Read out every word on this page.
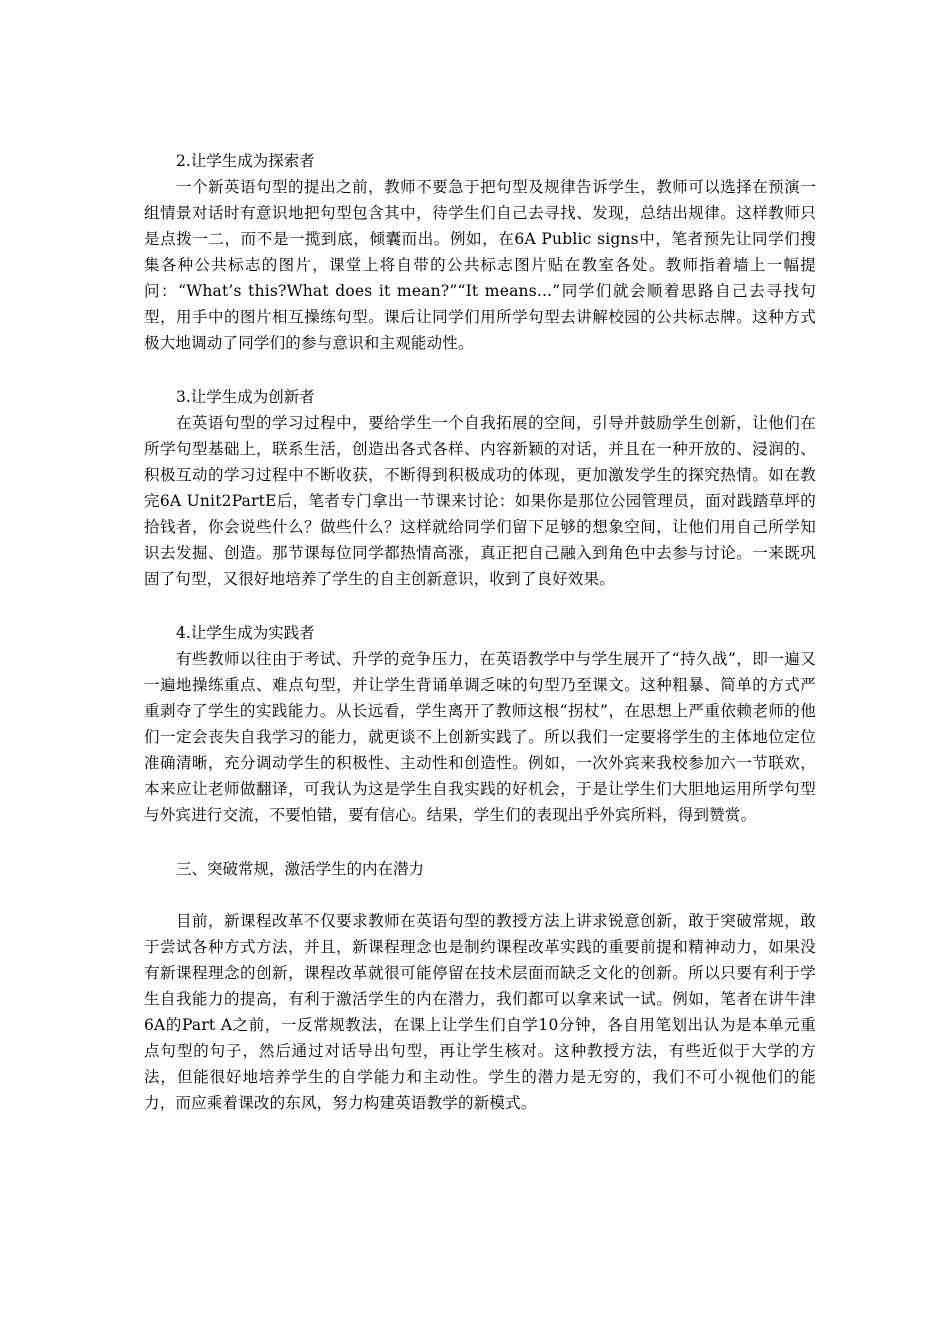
2.让学生成为探索者

一个新英语句型的提出之前，教师不要急于把句型及规律告诉学生，教师可以选择在预演一组情景对话时有意识地把句型包含其中，待学生们自己去寻找、发现，总结出规律。这样教师只是点拨一二，而不是一揽到底，倾囊而出。例如，在6A Public signs中，笔者预先让同学们搜集各种公共标志的图片，课堂上将自带的公共标志图片贴在教室各处。教师指着墙上一幅提问：“What’s this?What does it mean?”“It means...”同学们就会顺着思路自己去寻找句型，用手中的图片相互操练句型。课后让同学们用所学句型去讲解校园的公共标志牌。这种方式极大地调动了同学们的参与意识和主观能动性。

3.让学生成为创新者

在英语句型的学习过程中，要给学生一个自我拓展的空间，引导并鼓励学生创新，让他们在所学句型基础上，联系生活，创造出各式各样、内容新颖的对话，并且在一种开放的、浸润的、积极互动的学习过程中不断收获，不断得到积极成功的体现，更加激发学生的探究热情。如在教完6A Unit2PartE后，笔者专门拿出一节课来讨论：如果你是那位公园管理员，面对践踏草坪的拾钱者，你会说些什么？做些什么？这样就给同学们留下足够的想象空间，让他们用自己所学知识去发掘、创造。那节课每位同学都热情高涨，真正把自己融入到角色中去参与讨论。一来既巩固了句型，又很好地培养了学生的自主创新意识，收到了良好效果。

4.让学生成为实践者

有些教师以往由于考试、升学的竞争压力，在英语教学中与学生展开了“持久战”，即一遍又一遍地操练重点、难点句型，并让学生背诵单调乏味的句型乃至课文。这种粗暴、简单的方式严重剥夺了学生的实践能力。从长远看，学生离开了教师这根“拐杖”，在思想上严重依赖老师的他们一定会丧失自我学习的能力，就更谈不上创新实践了。所以我们一定要将学生的主体地位定位准确清晰，充分调动学生的积极性、主动性和创造性。例如，一次外宾来我校参加六一节联欢，本来应让老师做翻译，可我认为这是学生自我实践的好机会，于是让学生们大胆地运用所学句型与外宾进行交流，不要怕错，要有信心。结果，学生们的表现出乎外宾所料，得到赞赏。

三、突破常规，激活学生的内在潜力

目前，新课程改革不仅要求教师在英语句型的教授方法上讲求锐意创新，敢于突破常规，敢于尝试各种方式方法，并且，新课程理念也是制约课程改革实践的重要前提和精神动力，如果没有新课程理念的创新，课程改革就很可能停留在技术层面而缺乏文化的创新。所以只要有利于学生自我能力的提高，有利于激活学生的内在潜力，我们都可以拿来试一试。例如，笔者在讲牛津6A的Part A之前，一反常规教法，在课上让学生们自学10分钟，各自用笔划出认为是本单元重点句型的句子，然后通过对话导出句型，再让学生核对。这种教授方法，有些近似于大学的方法，但能很好地培养学生的自学能力和主动性。学生的潜力是无穷的，我们不可小视他们的能力，而应乘着课改的东风，努力构建英语教学的新模式。
